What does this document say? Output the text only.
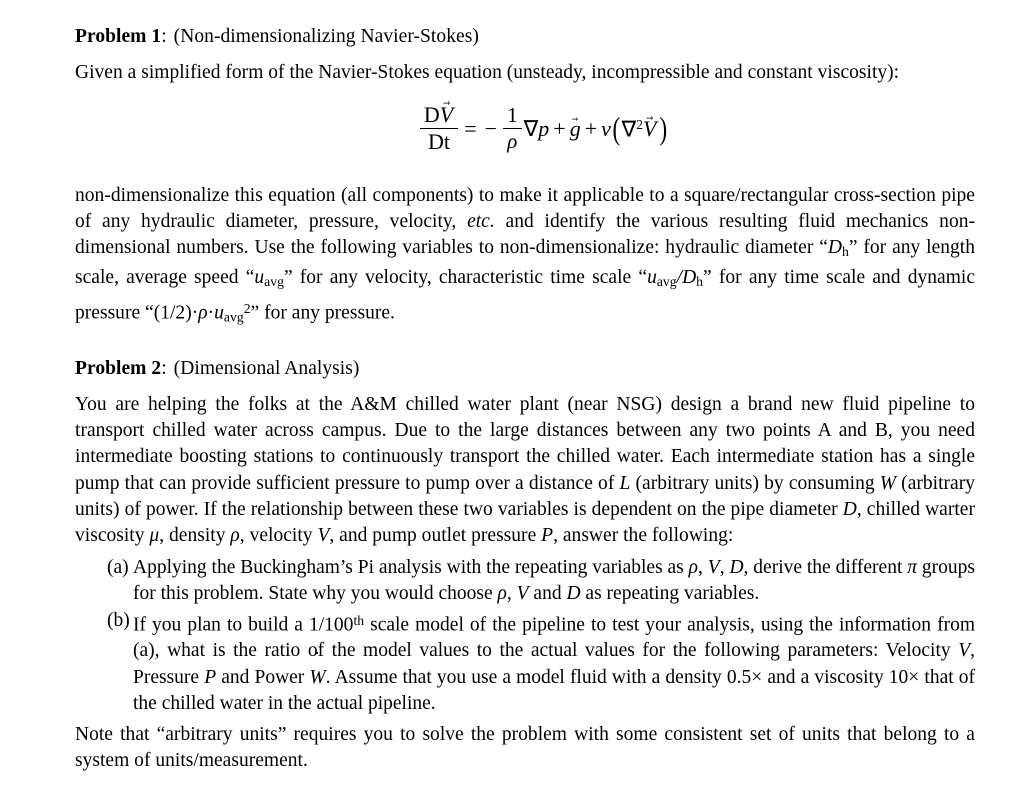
Problem 1: (Non-dimensionalizing Navier-Stokes)

Given a simplified form of the Navier-Stokes equation (unsteady, incompressible and constant viscosity):

$\frac{DV \to}{Dt}$ = − $\frac{1}{\rho} \nabla p + g$ → + ν ( ∇$^2$V → )

non-dimensionalize this equation (all components) to make it applicable to a square/rectangular cross-section pipe of any hydraulic diameter, pressure, velocity, etc. and identify the various resulting fluid mechanics non-dimensional numbers. Use the following variables to non-dimensionalize: hydraulic diameter “$D_h$” for any length scale, average speed “$u_{avg}$” for any velocity, characteristic time scale “$u_{avg}/D_h$” for any time scale and dynamic pressure “$(1/2)\cdot\rho\cdot u_{avg}^2$” for any pressure.

Problem 2: (Dimensional Analysis)

You are helping the folks at the A&M chilled water plant (near NSG) design a brand new fluid pipeline to transport chilled water across campus. Due to the large distances between any two points A and B, you need intermediate boosting stations to continuously transport the chilled water. Each intermediate station has a single pump that can provide sufficient pressure to pump over a distance of L (arbitrary units) by consuming W ˙ (arbitrary units) of power. If the relationship between these two variables is dependent on the pipe diameter D, chilled warter viscosity μ, density ρ, velocity V, and pump outlet pressure P, answer the following:

(a) Applying the Buckingham’s Pi analysis with the repeating variables as ρ, V, D, derive the different π groups for this problem. State why you would choose ρ, V and D as repeating variables.
(b) If you plan to build a 1/100th scale model of the pipeline to test your analysis, using the information from (a), what is the ratio of the model values to the actual values for the following parameters: Velocity V, Pressure P and Power W ˙. Assume that you use a model fluid with a density 0.5× and a viscosity 10× that of the chilled water in the actual pipeline.

Note that “arbitrary units” requires you to solve the problem with some consistent set of units that belong to a system of units/measurement.
